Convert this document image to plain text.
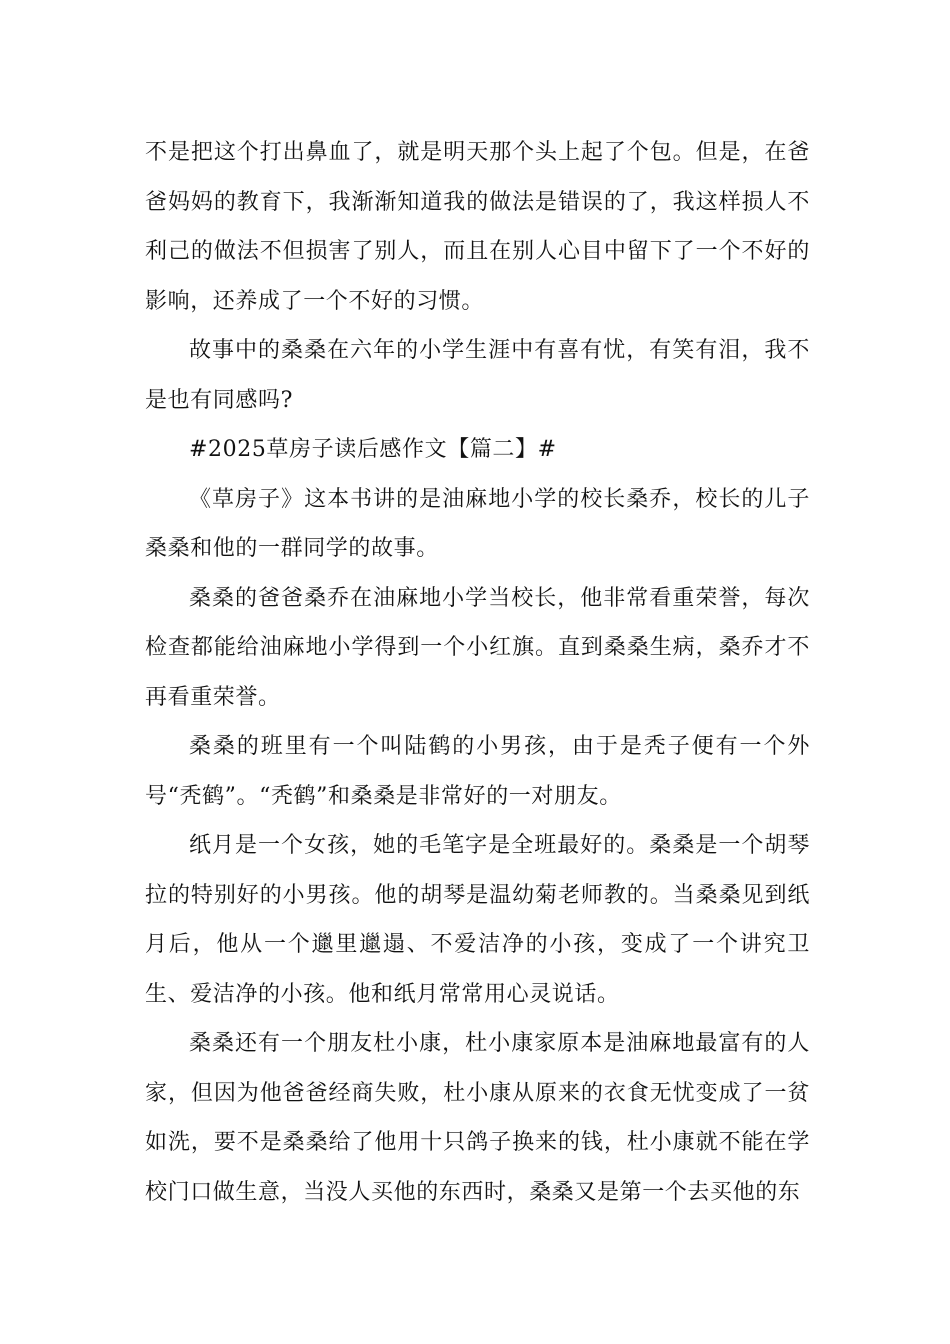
不是把这个打出鼻血了，就是明天那个头上起了个包。但是，在爸爸妈妈的教育下，我渐渐知道我的做法是错误的了，我这样损人不利己的做法不但损害了别人，而且在别人心目中留下了一个不好的影响，还养成了一个不好的习惯。

故事中的桑桑在六年的小学生涯中有喜有忧，有笑有泪，我不是也有同感吗?

#2025草房子读后感作文【篇二】#

《草房子》这本书讲的是油麻地小学的校长桑乔，校长的儿子桑桑和他的一群同学的故事。

桑桑的爸爸桑乔在油麻地小学当校长，他非常看重荣誉，每次检查都能给油麻地小学得到一个小红旗。直到桑桑生病，桑乔才不再看重荣誉。

桑桑的班里有一个叫陆鹤的小男孩，由于是秃子便有一个外号“秃鹤”。“秃鹤”和桑桑是非常好的一对朋友。

纸月是一个女孩，她的毛笔字是全班最好的。桑桑是一个胡琴拉的特别好的小男孩。他的胡琴是温幼菊老师教的。当桑桑见到纸月后，他从一个邋里邋遢、不爱洁净的小孩，变成了一个讲究卫生、爱洁净的小孩。他和纸月常常用心灵说话。

桑桑还有一个朋友杜小康，杜小康家原本是油麻地最富有的人家，但因为他爸爸经商失败，杜小康从原来的衣食无忧变成了一贫如洗，要不是桑桑给了他用十只鸽子换来的钱，杜小康就不能在学校门口做生意，当没人买他的东西时，桑桑又是第一个去买他的东
